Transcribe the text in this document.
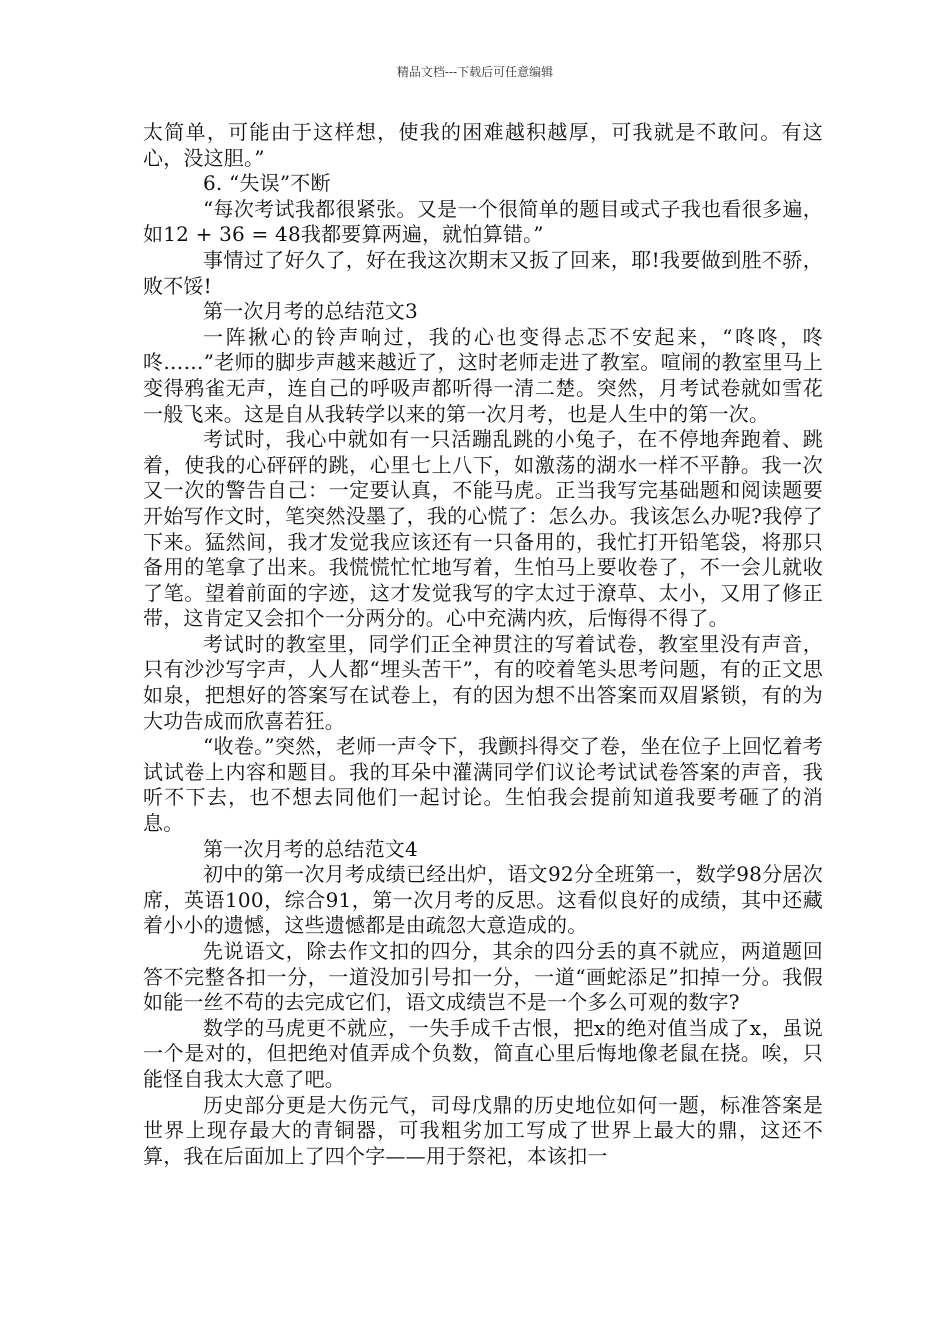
精品文档---下载后可任意编辑

太简单，可能由于这样想，使我的困难越积越厚，可我就是不敢问。有这心，没这胆。”

6. “失误”不断

“每次考试我都很紧张。又是一个很简单的题目或式子我也看很多遍，如12 + 36 = 48我都要算两遍，就怕算错。”

事情过了好久了，好在我这次期末又扳了回来，耶!我要做到胜不骄，败不馁!

第一次月考的总结范文3

一阵揪心的铃声响过，我的心也变得忐忑不安起来，“咚咚，咚咚……”老师的脚步声越来越近了，这时老师走进了教室。喧闹的教室里马上变得鸦雀无声，连自己的呼吸声都听得一清二楚。突然，月考试卷就如雪花一般飞来。这是自从我转学以来的第一次月考，也是人生中的第一次。

考试时，我心中就如有一只活蹦乱跳的小兔子，在不停地奔跑着、跳着，使我的心砰砰的跳，心里七上八下，如激荡的湖水一样不平静。我一次又一次的警告自己：一定要认真，不能马虎。正当我写完基础题和阅读题要开始写作文时，笔突然没墨了，我的心慌了：怎么办。我该怎么办呢?我停了下来。猛然间，我才发觉我应该还有一只备用的，我忙打开铅笔袋，将那只备用的笔拿了出来。我慌慌忙忙地写着，生怕马上要收卷了，不一会儿就收了笔。望着前面的字迹，这才发觉我写的字太过于潦草、太小，又用了修正带，这肯定又会扣个一分两分的。心中充满内疚，后悔得不得了。

考试时的教室里，同学们正全神贯注的写着试卷，教室里没有声音，只有沙沙写字声，人人都“埋头苦干”，有的咬着笔头思考问题，有的正文思如泉，把想好的答案写在试卷上，有的因为想不出答案而双眉紧锁，有的为大功告成而欣喜若狂。

“收卷。”突然，老师一声令下，我颤抖得交了卷，坐在位子上回忆着考试试卷上内容和题目。我的耳朵中灌满同学们议论考试试卷答案的声音，我听不下去，也不想去同他们一起讨论。生怕我会提前知道我要考砸了的消息。

第一次月考的总结范文4

初中的第一次月考成绩已经出炉，语文92分全班第一，数学98分居次席，英语100，综合91，第一次月考的反思。这看似良好的成绩，其中还藏着小小的遗憾，这些遗憾都是由疏忽大意造成的。

先说语文，除去作文扣的四分，其余的四分丢的真不就应，两道题回答不完整各扣一分，一道没加引号扣一分，一道“画蛇添足”扣掉一分。我假如能一丝不苟的去完成它们，语文成绩岂不是一个多么可观的数字?

数学的马虎更不就应，一失手成千古恨，把x的绝对值当成了x，虽说一个是对的，但把绝对值弄成个负数，简直心里后悔地像老鼠在挠。唉，只能怪自我太大意了吧。

历史部分更是大伤元气，司母戊鼎的历史地位如何一题，标准答案是世界上现存最大的青铜器，可我粗劣加工写成了世界上最大的鼎，这还不算，我在后面加上了四个字——用于祭祀，本该扣一
